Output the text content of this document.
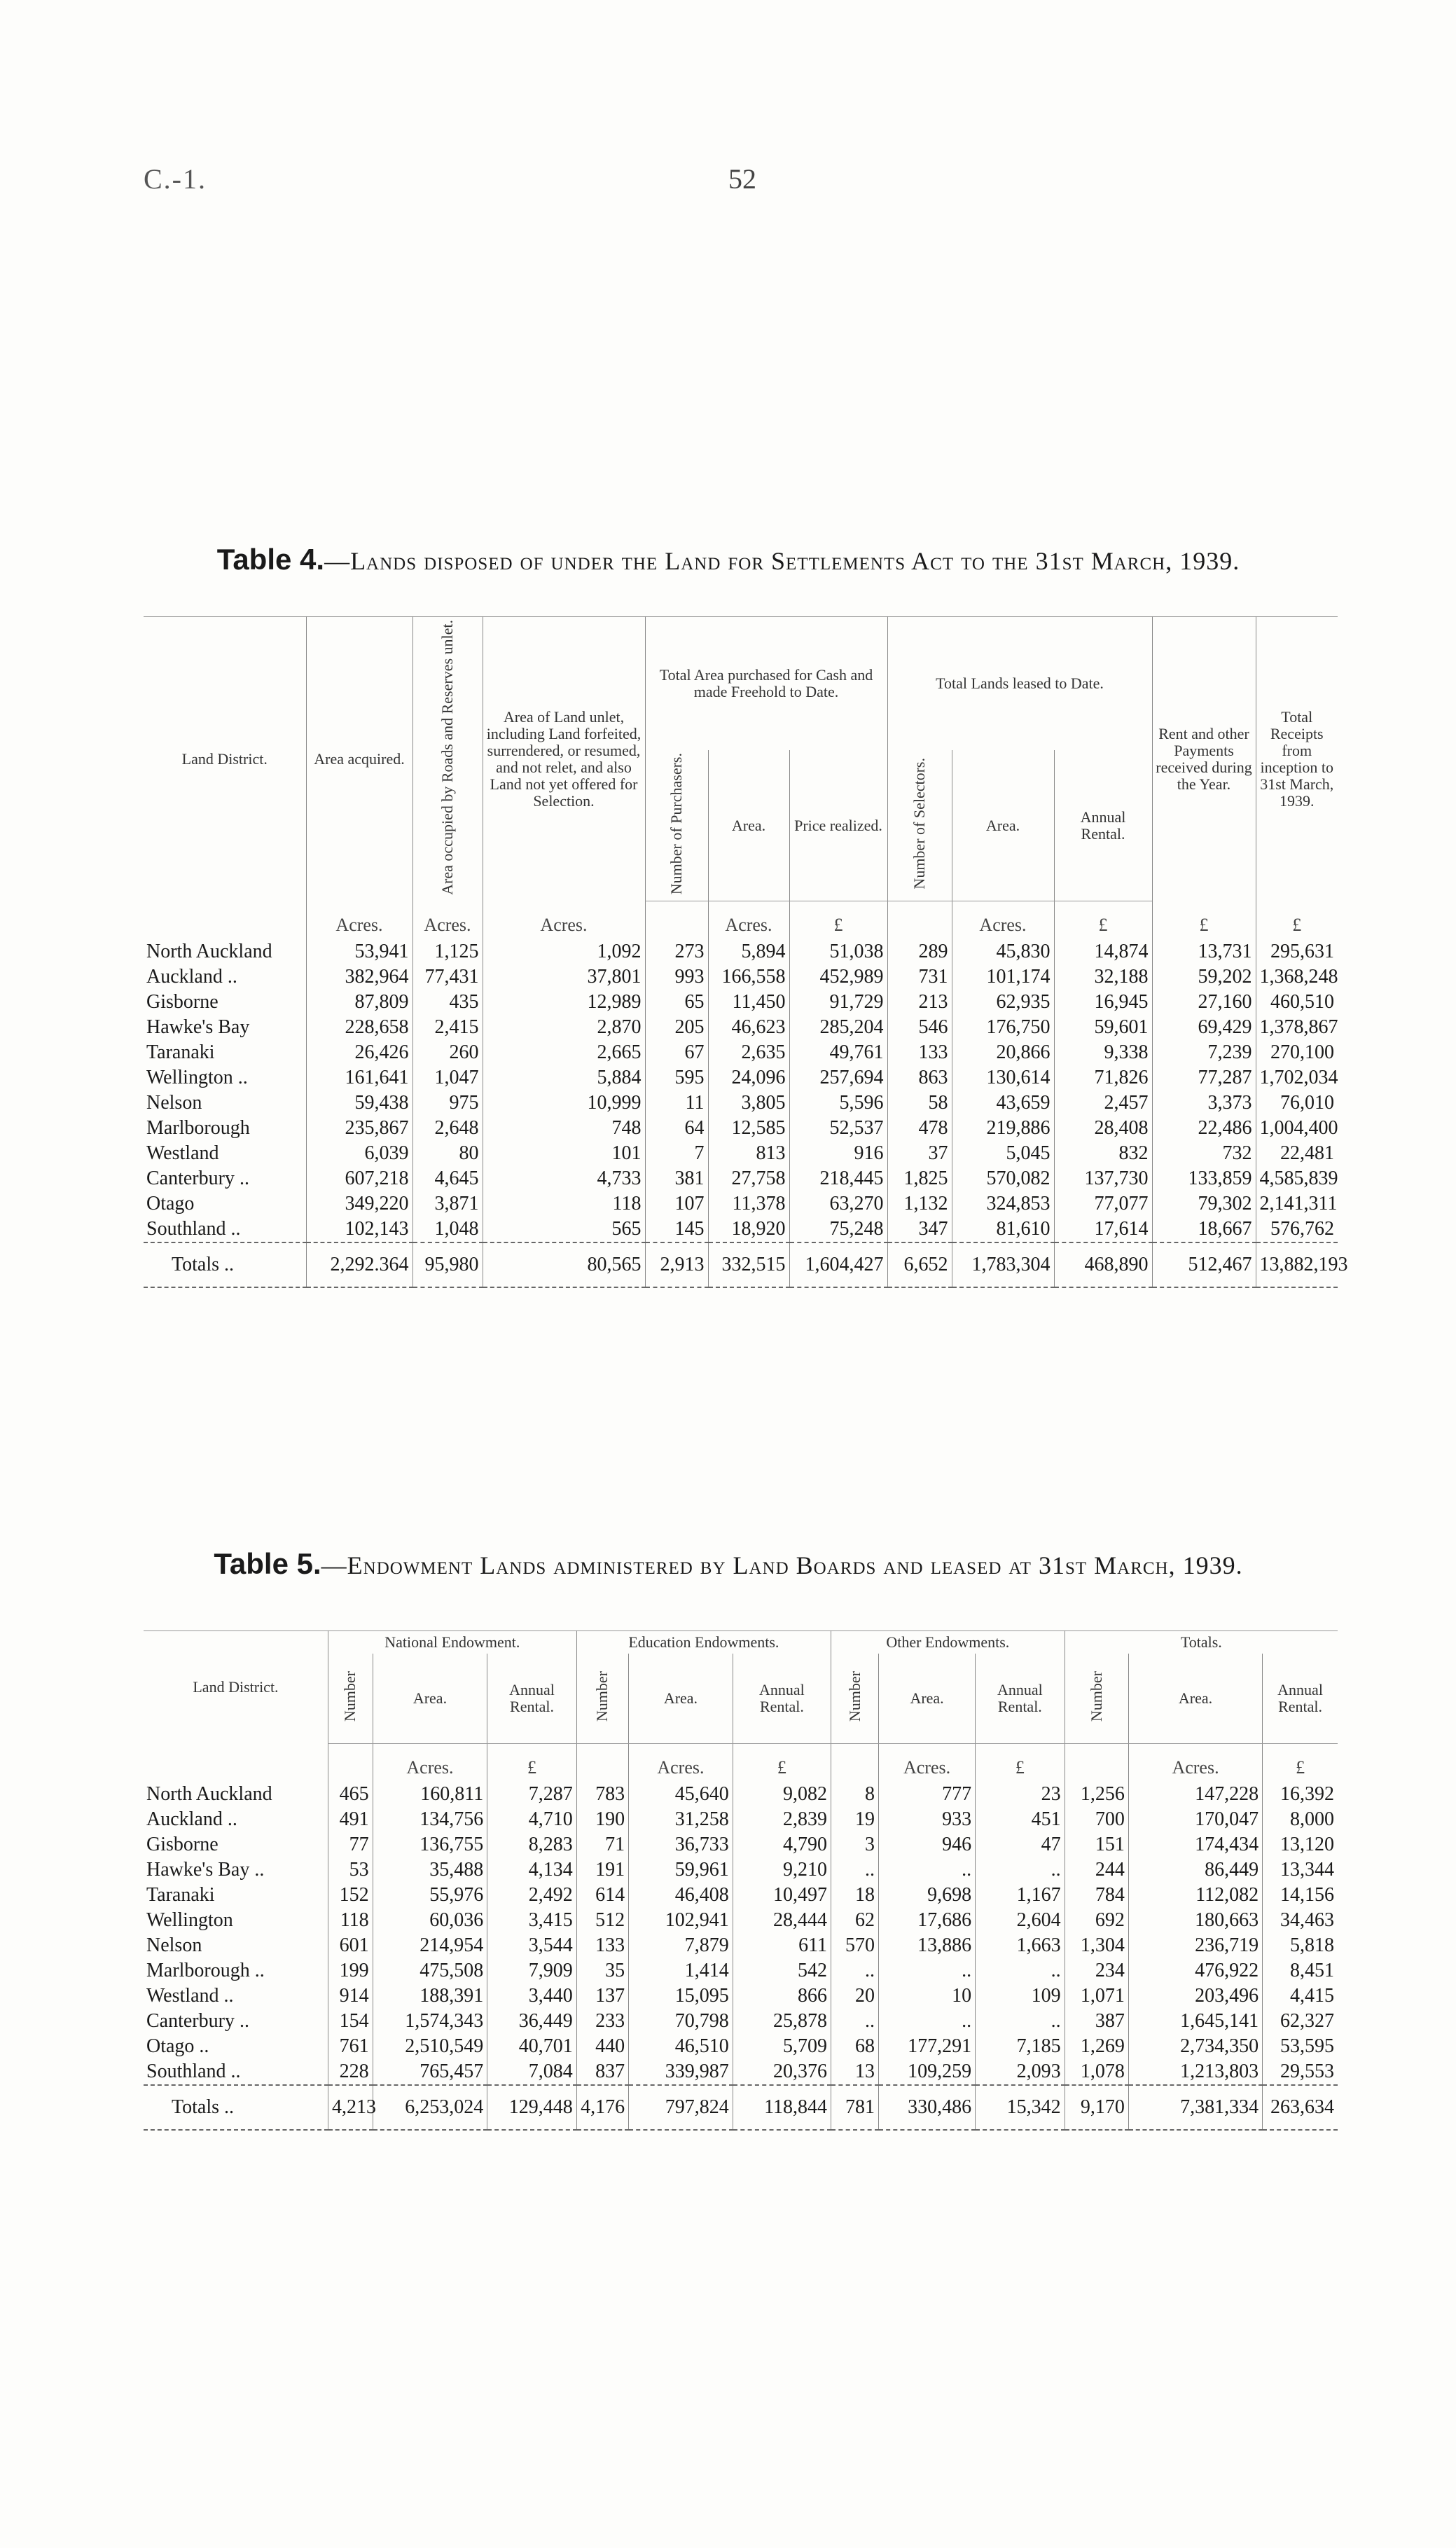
C.-1.	52
Table 4.—Lands disposed of under the Land for Settlements Act to the 31st March, 1939.
Land District.	Area acquired.	Area occupied by Roads and Reserves unlet.	Area of Land unlet, including Land forfeited, surrendered, or resumed, and not relet, and also Land not yet offered for Selection.	Total Area purchased for Cash and made Freehold to Date.			Total Lands leased to Date.			Rent and other Payments received during the Year.	Total Receipts from inception to 31st March, 1939.
				Number of Purchasers.	Area.	Price realized.	Number of Selectors.	Area.	Annual Rental.		
	Acres.	Acres.	Acres.		Acres.	£		Acres.	£	£	£
North Auckland	53,941	1,125	1,092	273	5,894	51,038	289	45,830	14,874	13,731	295,631
Auckland ..	382,964	77,431	37,801	993	166,558	452,989	731	101,174	32,188	59,202	1,368,248
Gisborne	87,809	435	12,989	65	11,450	91,729	213	62,935	16,945	27,160	460,510
Hawke's Bay	228,658	2,415	2,870	205	46,623	285,204	546	176,750	59,601	69,429	1,378,867
Taranaki	26,426	260	2,665	67	2,635	49,761	133	20,866	9,338	7,239	270,100
Wellington ..	161,641	1,047	5,884	595	24,096	257,694	863	130,614	71,826	77,287	1,702,034
Nelson	59,438	975	10,999	11	3,805	5,596	58	43,659	2,457	3,373	76,010
Marlborough	235,867	2,648	748	64	12,585	52,537	478	219,886	28,408	22,486	1,004,400
Westland	6,039	80	101	7	813	916	37	5,045	832	732	22,481
Canterbury ..	607,218	4,645	4,733	381	27,758	218,445	1,825	570,082	137,730	133,859	4,585,839
Otago	349,220	3,871	118	107	11,378	63,270	1,132	324,853	77,077	79,302	2,141,311
Southland ..	102,143	1,048	565	145	18,920	75,248	347	81,610	17,614	18,667	576,762
Totals ..	2,292.364	95,980	80,565	2,913	332,515	1,604,427	6,652	1,783,304	468,890	512,467	13,882,193
Table 5.—Endowment Lands administered by Land Boards and leased at 31st March, 1939.
Land District.	National Endowment.			Education Endowments.			Other Endowments.			Totals.		
	Number	Area.	Annual Rental.	Number	Area.	Annual Rental.	Number	Area.	Annual Rental.	Number	Area.	Annual Rental.
		Acres.	£		Acres.	£		Acres.	£		Acres.	£
North Auckland	465	160,811	7,287	783	45,640	9,082	8	777	23	1,256	147,228	16,392
Auckland ..	491	134,756	4,710	190	31,258	2,839	19	933	451	700	170,047	8,000
Gisborne	77	136,755	8,283	71	36,733	4,790	3	946	47	151	174,434	13,120
Hawke's Bay ..	53	35,488	4,134	191	59,961	9,210	..	..	..	244	86,449	13,344
Taranaki	152	55,976	2,492	614	46,408	10,497	18	9,698	1,167	784	112,082	14,156
Wellington	118	60,036	3,415	512	102,941	28,444	62	17,686	2,604	692	180,663	34,463
Nelson	601	214,954	3,544	133	7,879	611	570	13,886	1,663	1,304	236,719	5,818
Marlborough ..	199	475,508	7,909	35	1,414	542	..	..	..	234	476,922	8,451
Westland ..	914	188,391	3,440	137	15,095	866	20	10	109	1,071	203,496	4,415
Canterbury ..	154	1,574,343	36,449	233	70,798	25,878	..	..	..	387	1,645,141	62,327
Otago ..	761	2,510,549	40,701	440	46,510	5,709	68	177,291	7,185	1,269	2,734,350	53,595
Southland ..	228	765,457	7,084	837	339,987	20,376	13	109,259	2,093	1,078	1,213,803	29,553
Totals ..	4,213	6,253,024	129,448	4,176	797,824	118,844	781	330,486	15,342	9,170	7,381,334	263,634
